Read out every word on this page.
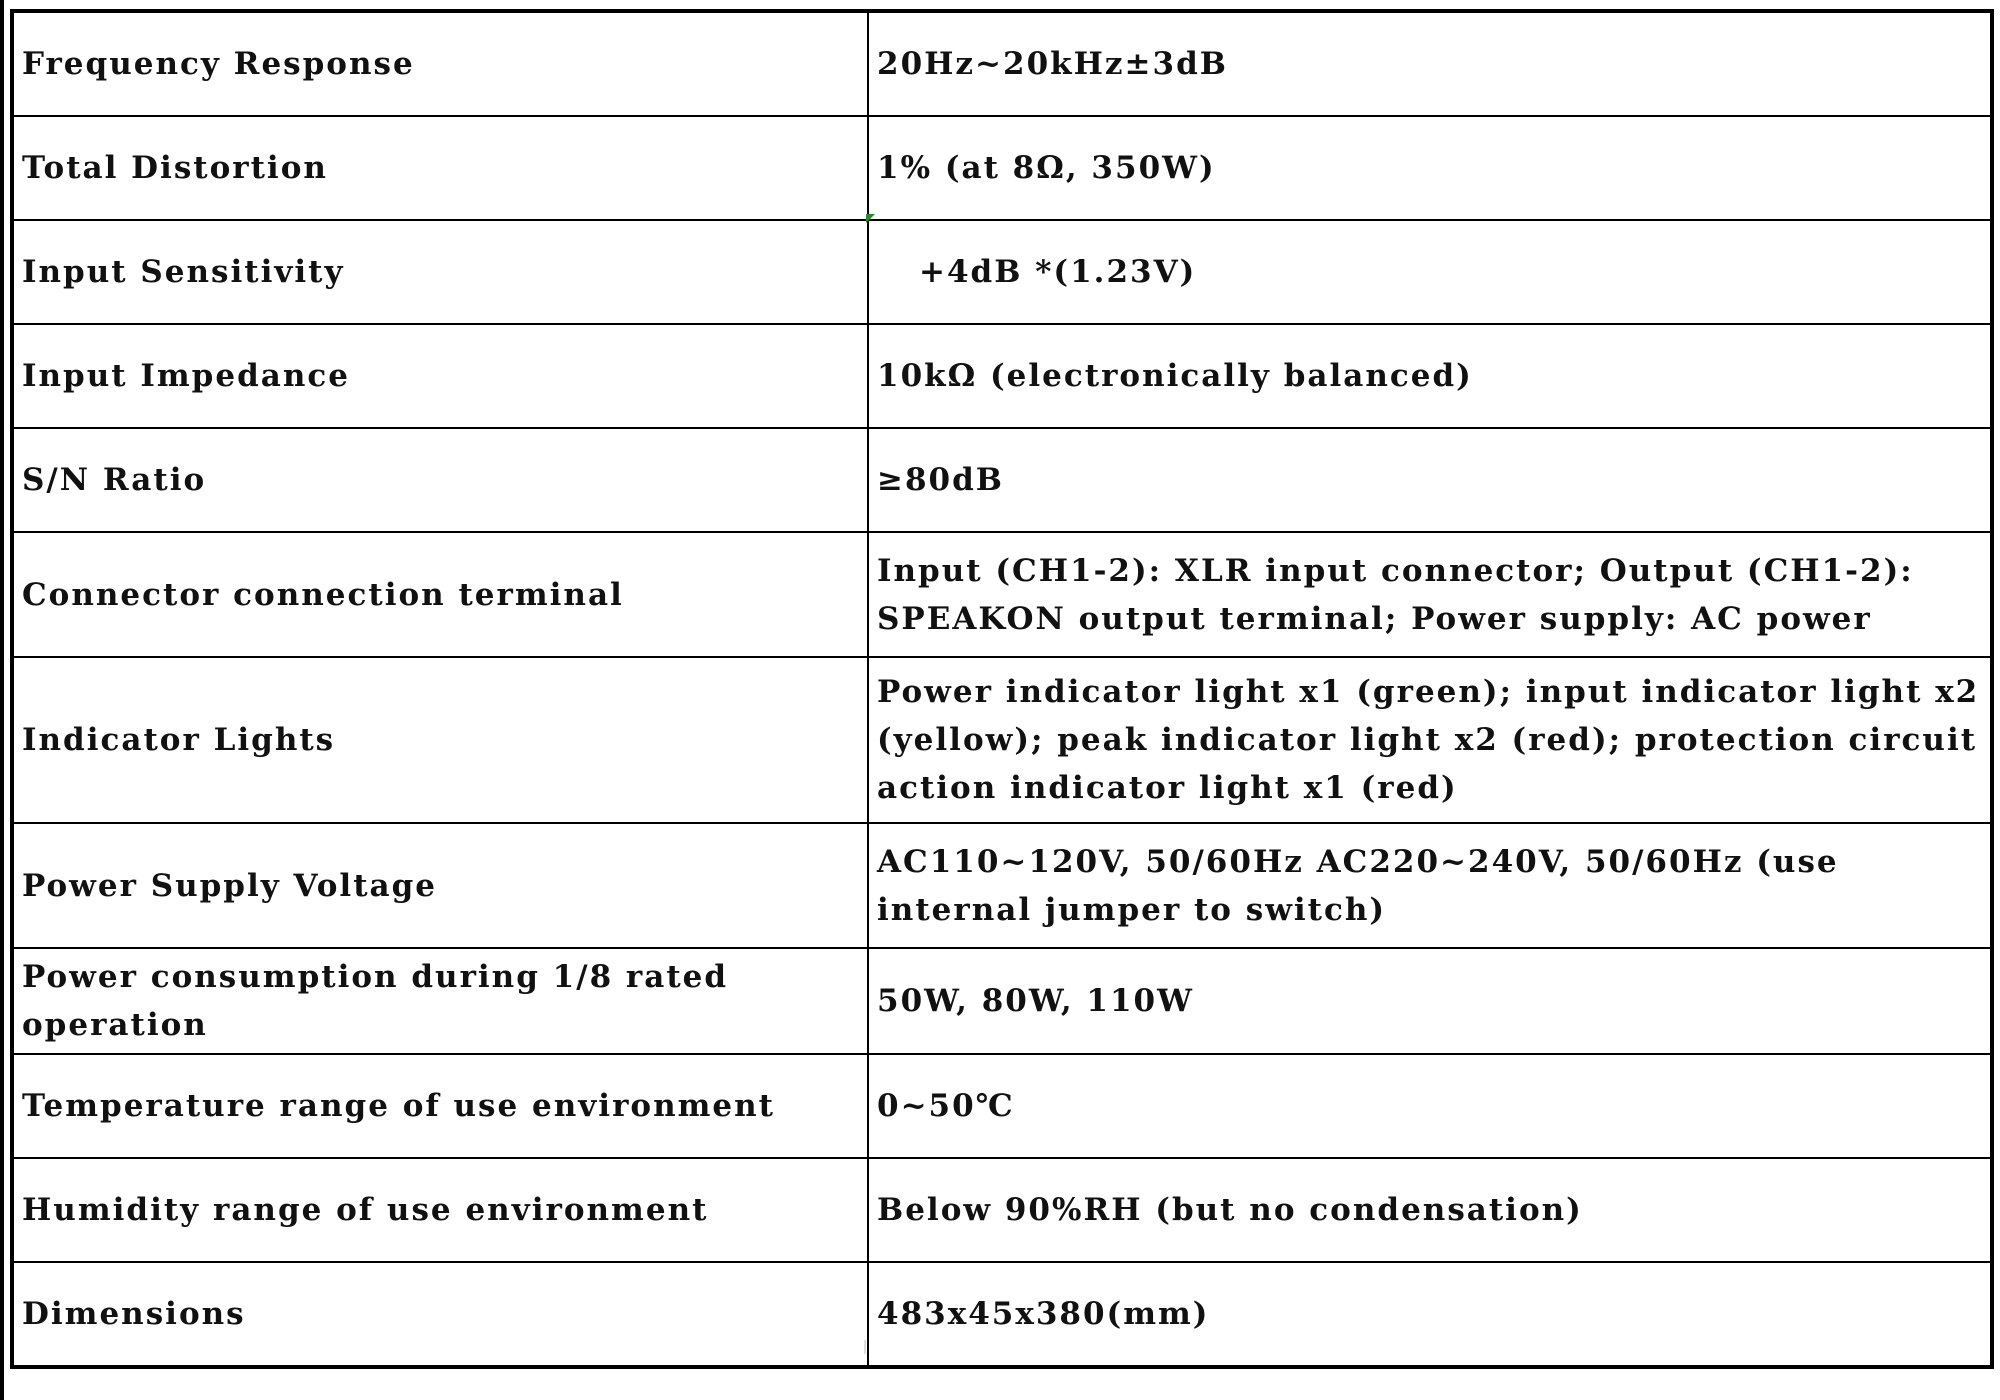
Frequency Response	20Hz~20kHz±3dB
Total Distortion	1% (at 8Ω, 350W)
Input Sensitivity	+4dB *(1.23V)
Input Impedance	10kΩ (electronically balanced)
S/N Ratio	≥80dB
Connector connection terminal	Input (CH1-2): XLR input connector; Output (CH1-2): SPEAKON output terminal; Power supply: AC power
Indicator Lights	Power indicator light x1 (green); input indicator light x2 (yellow); peak indicator light x2 (red); protection circuit action indicator light x1 (red)
Power Supply Voltage	AC110~120V, 50/60Hz AC220~240V, 50/60Hz (use internal jumper to switch)
Power consumption during 1/8 rated operation	50W, 80W, 110W
Temperature range of use environment	0~50℃
Humidity range of use environment	Below 90%RH (but no condensation)
Dimensions	483x45x380(mm)
